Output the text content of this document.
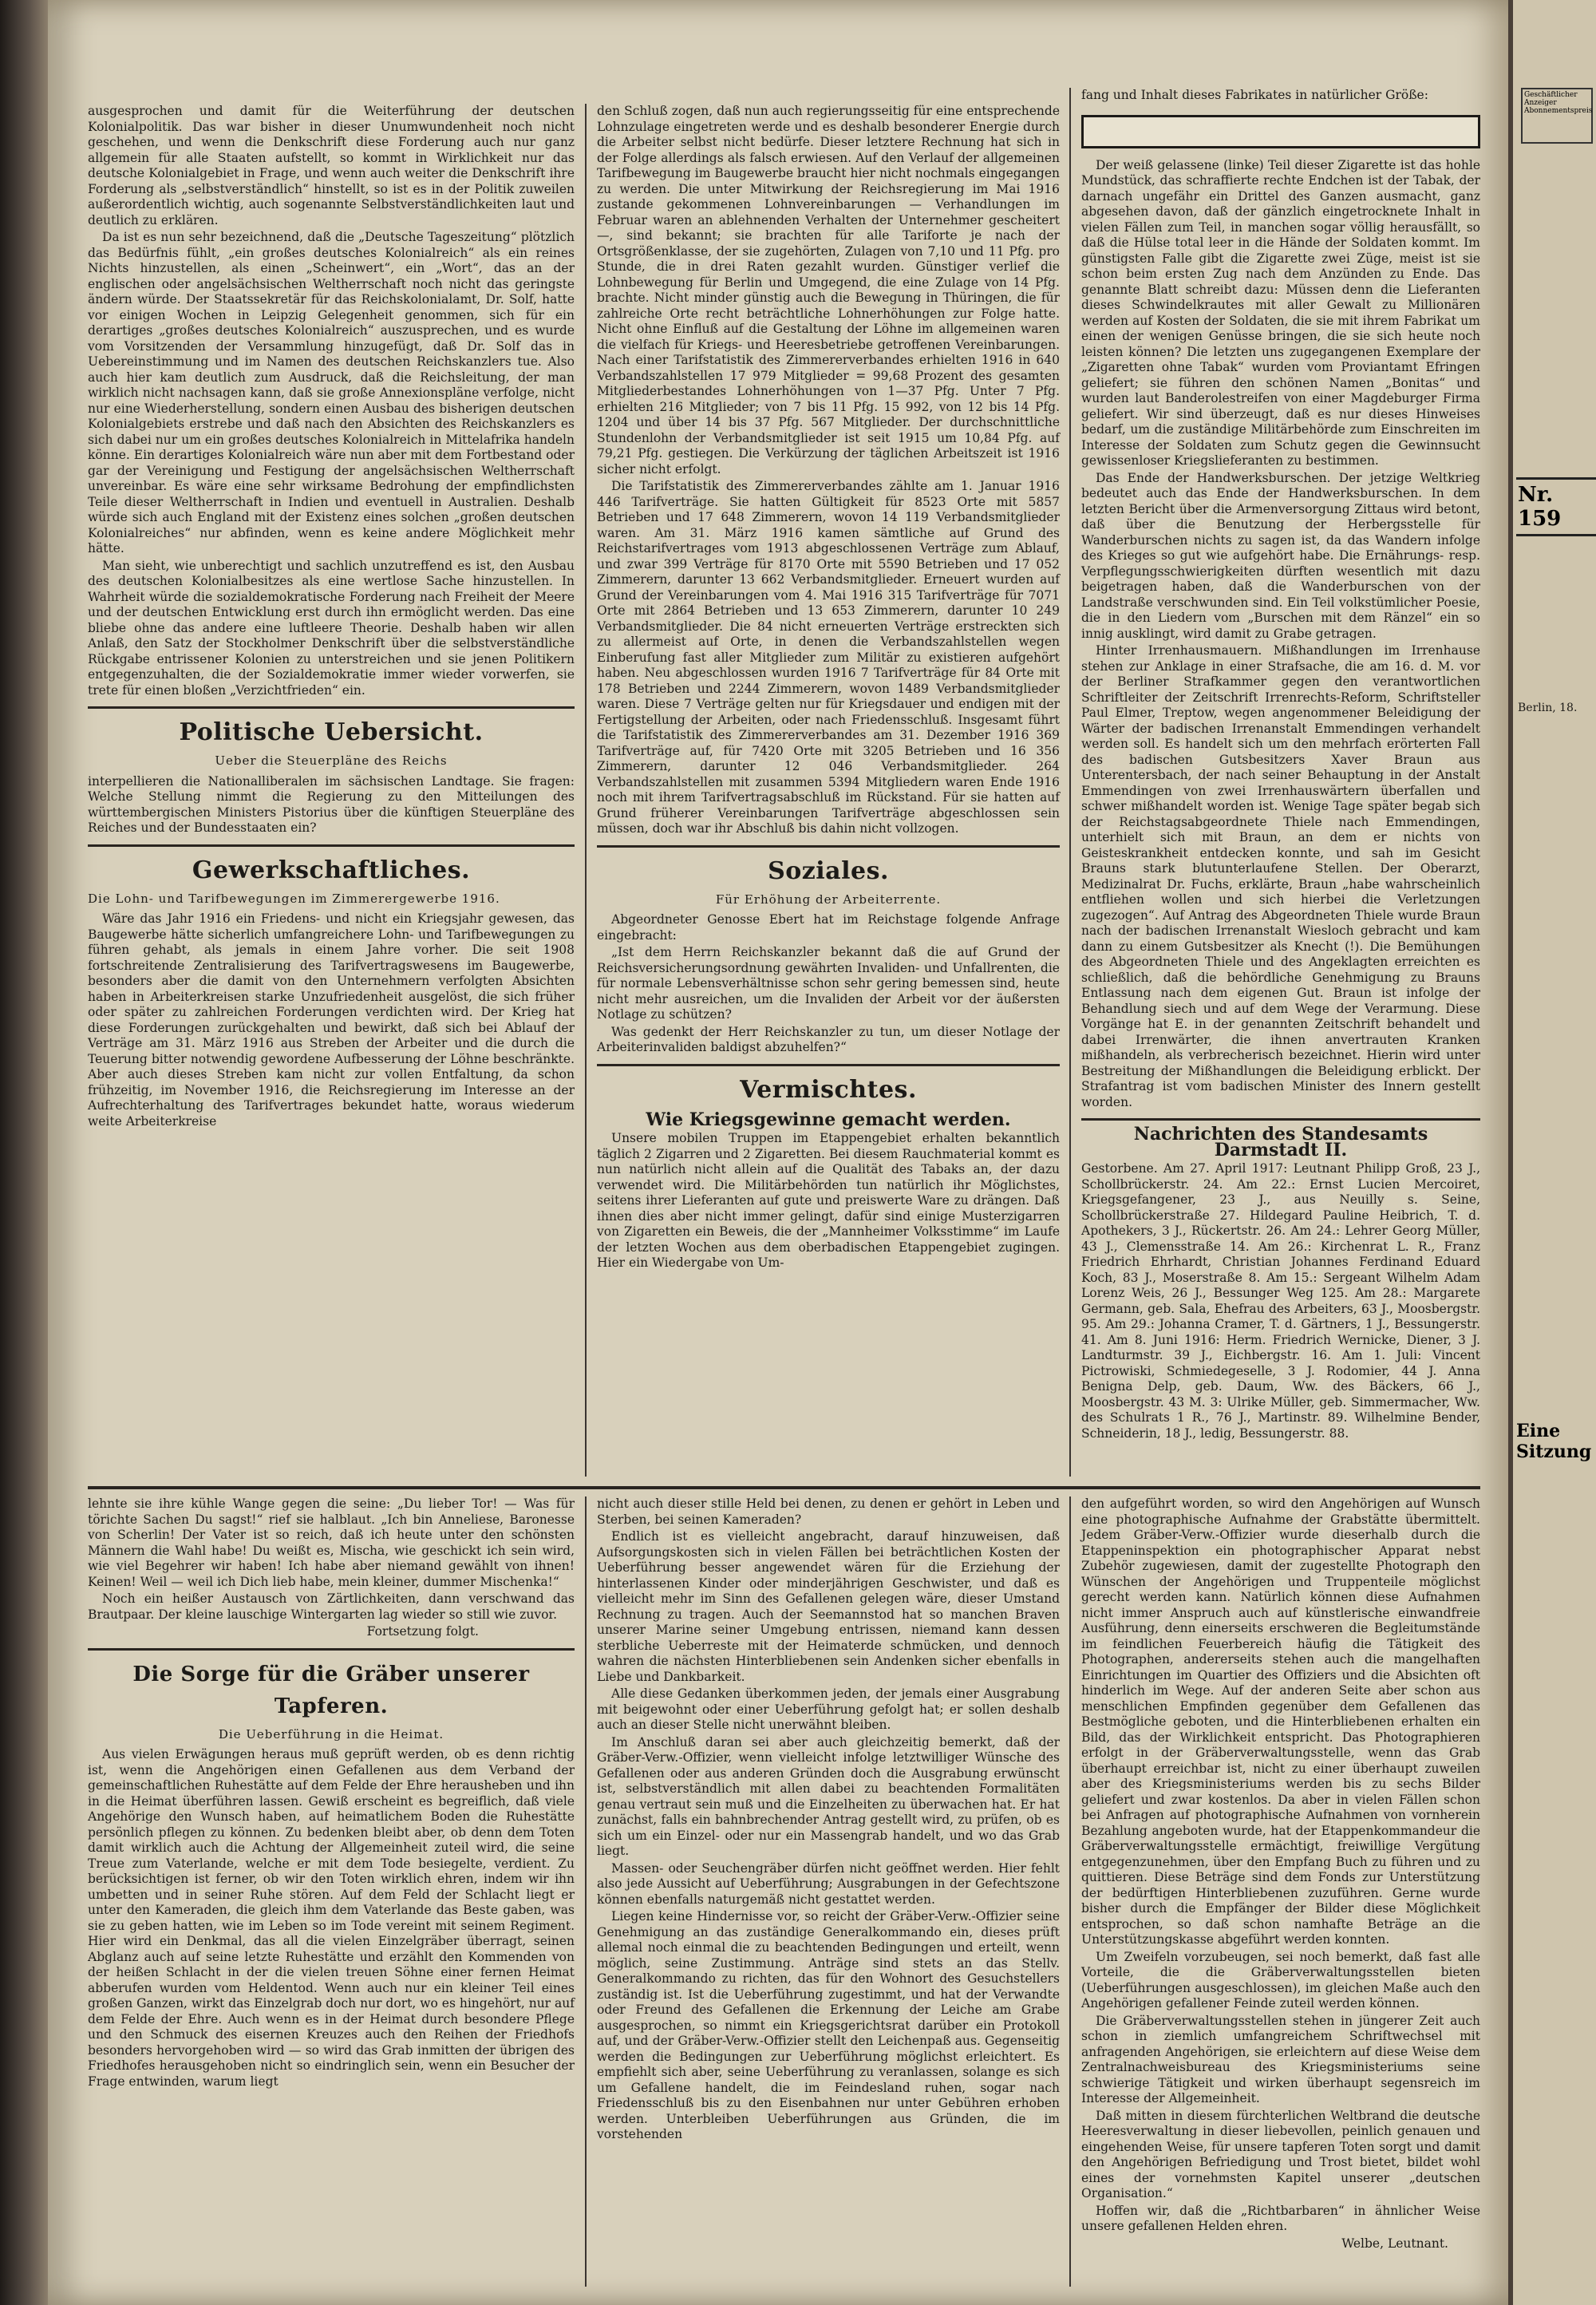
ausgesprochen und damit für die Weiterführung der deutschen Kolonialpolitik. Das war bisher in dieser Unumwundenheit noch nicht geschehen, und wenn die Denkschrift diese Forderung auch nur ganz allgemein für alle Staaten aufstellt, so kommt in Wirklichkeit nur das deutsche Kolonialgebiet in Frage, und wenn auch weiter die Denkschrift ihre Forderung als „selbstverständlich“ hinstellt, so ist es in der Politik zuweilen außerordentlich wichtig, auch sogenannte Selbstverständlichkeiten laut und deutlich zu erklären.

Da ist es nun sehr bezeichnend, daß die „Deutsche Tageszeitung“ plötzlich das Bedürfnis fühlt, „ein großes deutsches Kolonialreich“ als ein reines Nichts hinzustellen, als einen „Scheinwert“, ein „Wort“, das an der englischen oder angelsächsischen Weltherrschaft noch nicht das geringste ändern würde. Der Staatssekretär für das Reichskolonialamt, Dr. Solf, hatte vor einigen Wochen in Leipzig Gelegenheit genommen, sich für ein derartiges „großes deutsches Kolonialreich“ auszusprechen, und es wurde vom Vorsitzenden der Versammlung hinzugefügt, daß Dr. Solf das in Uebereinstimmung und im Namen des deutschen Reichskanzlers tue. Also auch hier kam deutlich zum Ausdruck, daß die Reichsleitung, der man wirklich nicht nachsagen kann, daß sie große Annexionspläne verfolge, nicht nur eine Wiederherstellung, sondern einen Ausbau des bisherigen deutschen Kolonialgebiets erstrebe und daß nach den Absichten des Reichskanzlers es sich dabei nur um ein großes deutsches Kolonialreich in Mittelafrika handeln könne. Ein derartiges Kolonialreich wäre nun aber mit dem Fortbestand oder gar der Vereinigung und Festigung der angelsächsischen Weltherrschaft unvereinbar. Es wäre eine sehr wirksame Bedrohung der empfindlichsten Teile dieser Weltherrschaft in Indien und eventuell in Australien. Deshalb würde sich auch England mit der Existenz eines solchen „großen deutschen Kolonialreiches“ nur abfinden, wenn es keine andere Möglichkeit mehr hätte.

Man sieht, wie unberechtigt und sachlich unzutreffend es ist, den Ausbau des deutschen Kolonialbesitzes als eine wertlose Sache hinzustellen. In Wahrheit würde die sozialdemokratische Forderung nach Freiheit der Meere und der deutschen Entwicklung erst durch ihn ermöglicht werden. Das eine bliebe ohne das andere eine luftleere Theorie. Deshalb haben wir allen Anlaß, den Satz der Stockholmer Denkschrift über die selbstverständliche Rückgabe entrissener Kolonien zu unterstreichen und sie jenen Politikern entgegenzuhalten, die der Sozialdemokratie immer wieder vorwerfen, sie trete für einen bloßen „Verzichtfrieden“ ein.

Politische Uebersicht.
Ueber die Steuerpläne des Reichs

interpellieren die Nationalliberalen im sächsischen Landtage. Sie fragen: Welche Stellung nimmt die Regierung zu den Mitteilungen des württembergischen Ministers Pistorius über die künftigen Steuerpläne des Reiches und der Bundesstaaten ein?

Gewerkschaftliches.
Die Lohn- und Tarifbewegungen im Zimmerergewerbe 1916.

Wäre das Jahr 1916 ein Friedens- und nicht ein Kriegsjahr gewesen, das Baugewerbe hätte sicherlich umfangreichere Lohn- und Tarifbewegungen zu führen gehabt, als jemals in einem Jahre vorher. Die seit 1908 fortschreitende Zentralisierung des Tarifvertragswesens im Baugewerbe, besonders aber die damit von den Unternehmern verfolgten Absichten haben in Arbeiterkreisen starke Unzufriedenheit ausgelöst, die sich früher oder später zu zahlreichen Forderungen verdichten wird. Der Krieg hat diese Forderungen zurückgehalten und bewirkt, daß sich bei Ablauf der Verträge am 31. März 1916 aus Streben der Arbeiter und die durch die Teuerung bitter notwendig gewordene Aufbesserung der Löhne beschränkte. Aber auch dieses Streben kam nicht zur vollen Entfaltung, da schon frühzeitig, im November 1916, die Reichsregierung im Interesse an der Aufrechterhaltung des Tarifvertrages bekundet hatte, woraus wiederum weite Arbeiterkreise

den Schluß zogen, daß nun auch regierungsseitig für eine entsprechende Lohnzulage eingetreten werde und es deshalb besonderer Energie durch die Arbeiter selbst nicht bedürfe. Dieser letztere Rechnung hat sich in der Folge allerdings als falsch erwiesen. Auf den Verlauf der allgemeinen Tarifbewegung im Baugewerbe braucht hier nicht nochmals eingegangen zu werden. Die unter Mitwirkung der Reichsregierung im Mai 1916 zustande gekommenen Lohnvereinbarungen — Verhandlungen im Februar waren an ablehnenden Verhalten der Unternehmer gescheitert —, sind bekannt; sie brachten für alle Tariforte je nach der Ortsgrößenklasse, der sie zugehörten, Zulagen von 7,10 und 11 Pfg. pro Stunde, die in drei Raten gezahlt wurden. Günstiger verlief die Lohnbewegung für Berlin und Umgegend, die eine Zulage von 14 Pfg. brachte. Nicht minder günstig auch die Bewegung in Thüringen, die für zahlreiche Orte recht beträchtliche Lohnerhöhungen zur Folge hatte. Nicht ohne Einfluß auf die Gestaltung der Löhne im allgemeinen waren die vielfach für Kriegs- und Heeresbetriebe getroffenen Vereinbarungen. Nach einer Tarifstatistik des Zimmererverbandes erhielten 1916 in 640 Verbandszahlstellen 17 979 Mitglieder = 99,68 Prozent des gesamten Mitgliederbestandes Lohnerhöhungen von 1—37 Pfg. Unter 7 Pfg. erhielten 216 Mitglieder; von 7 bis 11 Pfg. 15 992, von 12 bis 14 Pfg. 1204 und über 14 bis 37 Pfg. 567 Mitglieder. Der durchschnittliche Stundenlohn der Verbandsmitglieder ist seit 1915 um 10,84 Pfg. auf 79,21 Pfg. gestiegen. Die Verkürzung der täglichen Arbeitszeit ist 1916 sicher nicht erfolgt.

Die Tarifstatistik des Zimmererverbandes zählte am 1. Januar 1916 446 Tarifverträge. Sie hatten Gültigkeit für 8523 Orte mit 5857 Betrieben und 17 648 Zimmerern, wovon 14 119 Verbandsmitglieder waren. Am 31. März 1916 kamen sämtliche auf Grund des Reichstarifvertrages vom 1913 abgeschlossenen Verträge zum Ablauf, und zwar 399 Verträge für 8170 Orte mit 5590 Betrieben und 17 052 Zimmerern, darunter 13 662 Verbandsmitglieder. Erneuert wurden auf Grund der Vereinbarungen vom 4. Mai 1916 315 Tarifverträge für 7071 Orte mit 2864 Betrieben und 13 653 Zimmerern, darunter 10 249 Verbandsmitglieder. Die 84 nicht erneuerten Verträge erstreckten sich zu allermeist auf Orte, in denen die Verbandszahlstellen wegen Einberufung fast aller Mitglieder zum Militär zu existieren aufgehört haben. Neu abgeschlossen wurden 1916 7 Tarifverträge für 84 Orte mit 178 Betrieben und 2244 Zimmerern, wovon 1489 Verbandsmitglieder waren. Diese 7 Verträge gelten nur für Kriegsdauer und endigen mit der Fertigstellung der Arbeiten, oder nach Friedensschluß. Insgesamt führt die Tarifstatistik des Zimmererverbandes am 31. Dezember 1916 369 Tarifverträge auf, für 7420 Orte mit 3205 Betrieben und 16 356 Zimmerern, darunter 12 046 Verbandsmitglieder. 264 Verbandszahlstellen mit zusammen 5394 Mitgliedern waren Ende 1916 noch mit ihrem Tarifvertragsabschluß im Rückstand. Für sie hatten auf Grund früherer Vereinbarungen Tarifverträge abgeschlossen sein müssen, doch war ihr Abschluß bis dahin nicht vollzogen.

Soziales.
Für Erhöhung der Arbeiterrente.

Abgeordneter Genosse Ebert hat im Reichstage folgende Anfrage eingebracht:

„Ist dem Herrn Reichskanzler bekannt daß die auf Grund der Reichsversicherungsordnung gewährten Invaliden- und Unfallrenten, die für normale Lebensverhältnisse schon sehr gering bemessen sind, heute nicht mehr ausreichen, um die Invaliden der Arbeit vor der äußersten Notlage zu schützen?

Was gedenkt der Herr Reichskanzler zu tun, um dieser Notlage der Arbeiterinvaliden baldigst abzuhelfen?“

Vermischtes.
Wie Kriegsgewinne gemacht werden.

Unsere mobilen Truppen im Etappengebiet erhalten bekanntlich täglich 2 Zigarren und 2 Zigaretten. Bei diesem Rauchmaterial kommt es nun natürlich nicht allein auf die Qualität des Tabaks an, der dazu verwendet wird. Die Militärbehörden tun natürlich ihr Möglichstes, seitens ihrer Lieferanten auf gute und preiswerte Ware zu drängen. Daß ihnen dies aber nicht immer gelingt, dafür sind einige Musterzigarren von Zigaretten ein Beweis, die der „Mannheimer Volksstimme“ im Laufe der letzten Wochen aus dem oberbadischen Etappengebiet zugingen. Hier ein Wiedergabe von Um-

fang und Inhalt dieses Fabrikates in natürlicher Größe:

Der weiß gelassene (linke) Teil dieser Zigarette ist das hohle Mundstück, das schraffierte rechte Endchen ist der Tabak, der darnach ungefähr ein Drittel des Ganzen ausmacht, ganz abgesehen davon, daß der gänzlich eingetrocknete Inhalt in vielen Fällen zum Teil, in manchen sogar völlig herausfällt, so daß die Hülse total leer in die Hände der Soldaten kommt. Im günstigsten Falle gibt die Zigarette zwei Züge, meist ist sie schon beim ersten Zug nach dem Anzünden zu Ende. Das genannte Blatt schreibt dazu: Müssen denn die Lieferanten dieses Schwindelkrautes mit aller Gewalt zu Millionären werden auf Kosten der Soldaten, die sie mit ihrem Fabrikat um einen der wenigen Genüsse bringen, die sie sich heute noch leisten können? Die letzten uns zugegangenen Exemplare der „Zigaretten ohne Tabak“ wurden vom Proviantamt Efringen geliefert; sie führen den schönen Namen „Bonitas“ und wurden laut Banderolestreifen von einer Magdeburger Firma geliefert. Wir sind überzeugt, daß es nur dieses Hinweises bedarf, um die zuständige Militärbehörde zum Einschreiten im Interesse der Soldaten zum Schutz gegen die Gewinnsucht gewissenloser Kriegslieferanten zu bestimmen.

Das Ende der Handwerksburschen. Der jetzige Weltkrieg bedeutet auch das Ende der Handwerksburschen. In dem letzten Bericht über die Armenversorgung Zittaus wird betont, daß über die Benutzung der Herbergsstelle für Wanderburschen nichts zu sagen ist, da das Wandern infolge des Krieges so gut wie aufgehört habe. Die Ernährungs- resp. Verpflegungsschwierigkeiten dürften wesentlich mit dazu beigetragen haben, daß die Wanderburschen von der Landstraße verschwunden sind. Ein Teil volkstümlicher Poesie, die in den Liedern vom „Burschen mit dem Ränzel“ ein so innig ausklingt, wird damit zu Grabe getragen.

Hinter Irrenhausmauern. Mißhandlungen im Irrenhause stehen zur Anklage in einer Strafsache, die am 16. d. M. vor der Berliner Strafkammer gegen den verantwortlichen Schriftleiter der Zeitschrift Irrenrechts-Reform, Schriftsteller Paul Elmer, Treptow, wegen angenommener Beleidigung der Wärter der badischen Irrenanstalt Emmendingen verhandelt werden soll. Es handelt sich um den mehrfach erörterten Fall des badischen Gutsbesitzers Xaver Braun aus Unterentersbach, der nach seiner Behauptung in der Anstalt Emmendingen von zwei Irrenhauswärtern überfallen und schwer mißhandelt worden ist. Wenige Tage später begab sich der Reichstagsabgeordnete Thiele nach Emmendingen, unterhielt sich mit Braun, an dem er nichts von Geisteskrankheit entdecken konnte, und sah im Gesicht Brauns stark blutunterlaufene Stellen. Der Oberarzt, Medizinalrat Dr. Fuchs, erklärte, Braun „habe wahrscheinlich entfliehen wollen und sich hierbei die Verletzungen zugezogen“. Auf Antrag des Abgeordneten Thiele wurde Braun nach der badischen Irrenanstalt Wiesloch gebracht und kam dann zu einem Gutsbesitzer als Knecht (!). Die Bemühungen des Abgeordneten Thiele und des Angeklagten erreichten es schließlich, daß die behördliche Genehmigung zu Brauns Entlassung nach dem eigenen Gut. Braun ist infolge der Behandlung siech und auf dem Wege der Verarmung. Diese Vorgänge hat E. in der genannten Zeitschrift behandelt und dabei Irrenwärter, die ihnen anvertrauten Kranken mißhandeln, als verbrecherisch bezeichnet. Hierin wird unter Bestreitung der Mißhandlungen die Beleidigung erblickt. Der Strafantrag ist vom badischen Minister des Innern gestellt worden.

Nachrichten des Standesamts Darmstadt II.

Gestorbene. Am 27. April 1917: Leutnant Philipp Groß, 23 J., Schollbrückerstr. 24. Am 22.: Ernst Lucien Mercoiret, Kriegsgefangener, 23 J., aus Neuilly s. Seine, Schollbrückerstraße 27. Hildegard Pauline Heibrich, T. d. Apothekers, 3 J., Rückertstr. 26. Am 24.: Lehrer Georg Müller, 43 J., Clemensstraße 14. Am 26.: Kirchenrat L. R., Franz Friedrich Ehrhardt, Christian Johannes Ferdinand Eduard Koch, 83 J., Moserstraße 8. Am 15.: Sergeant Wilhelm Adam Lorenz Weis, 26 J., Bessunger Weg 125. Am 28.: Margarete Germann, geb. Sala, Ehefrau des Arbeiters, 63 J., Moosbergstr. 95. Am 29.: Johanna Cramer, T. d. Gärtners, 1 J., Bessungerstr. 41. Am 8. Juni 1916: Herm. Friedrich Wernicke, Diener, 3 J. Landturmstr. 39 J., Eichbergstr. 16. Am 1. Juli: Vincent Pictrowiski, Schmiedegeselle, 3 J. Rodomier, 44 J. Anna Benigna Delp, geb. Daum, Ww. des Bäckers, 66 J., Moosbergstr. 43 M. 3: Ulrike Müller, geb. Simmermacher, Ww. des Schulrats 1 R., 76 J., Martinstr. 89. Wilhelmine Bender, Schneiderin, 18 J., ledig, Bessungerstr. 88.

lehnte sie ihre kühle Wange gegen die seine: „Du lieber Tor! — Was für törichte Sachen Du sagst!“ rief sie halblaut. „Ich bin Anneliese, Baronesse von Scherlin! Der Vater ist so reich, daß ich heute unter den schönsten Männern die Wahl habe! Du weißt es, Mischa, wie geschickt ich sein wird, wie viel Begehrer wir haben! Ich habe aber niemand gewählt von ihnen! Keinen! Weil — weil ich Dich lieb habe, mein kleiner, dummer Mischenka!“

Noch ein heißer Austausch von Zärtlichkeiten, dann verschwand das Brautpaar. Der kleine lauschige Wintergarten lag wieder so still wie zuvor.

Fortsetzung folgt.
Die Sorge für die Gräber unserer Tapferen.
Die Ueberführung in die Heimat.

Aus vielen Erwägungen heraus muß geprüft werden, ob es denn richtig ist, wenn die Angehörigen einen Gefallenen aus dem Verband der gemeinschaftlichen Ruhestätte auf dem Felde der Ehre herausheben und ihn in die Heimat überführen lassen. Gewiß erscheint es begreiflich, daß viele Angehörige den Wunsch haben, auf heimatlichem Boden die Ruhestätte persönlich pflegen zu können. Zu bedenken bleibt aber, ob denn dem Toten damit wirklich auch die Achtung der Allgemeinheit zuteil wird, die seine Treue zum Vaterlande, welche er mit dem Tode besiegelte, verdient. Zu berücksichtigen ist ferner, ob wir den Toten wirklich ehren, indem wir ihn umbetten und in seiner Ruhe stören. Auf dem Feld der Schlacht liegt er unter den Kameraden, die gleich ihm dem Vaterlande das Beste gaben, was sie zu geben hatten, wie im Leben so im Tode vereint mit seinem Regiment. Hier wird ein Denkmal, das all die vielen Einzelgräber überragt, seinen Abglanz auch auf seine letzte Ruhestätte und erzählt den Kommenden von der heißen Schlacht in der die vielen treuen Söhne einer fernen Heimat abberufen wurden vom Heldentod. Wenn auch nur ein kleiner Teil eines großen Ganzen, wirkt das Einzelgrab doch nur dort, wo es hingehört, nur auf dem Felde der Ehre. Auch wenn es in der Heimat durch besondere Pflege und den Schmuck des eisernen Kreuzes auch den Reihen der Friedhofs besonders hervorgehoben wird — so wird das Grab inmitten der übrigen des Friedhofes herausgehoben nicht so eindringlich sein, wenn ein Besucher der Frage entwinden, warum liegt

nicht auch dieser stille Held bei denen, zu denen er gehört in Leben und Sterben, bei seinen Kameraden?

Endlich ist es vielleicht angebracht, darauf hinzuweisen, daß Aufsorgungskosten sich in vielen Fällen bei beträchtlichen Kosten der Ueberführung besser angewendet wären für die Erziehung der hinterlassenen Kinder oder minderjährigen Geschwister, und daß es vielleicht mehr im Sinn des Gefallenen gelegen wäre, dieser Umstand Rechnung zu tragen. Auch der Seemannstod hat so manchen Braven unserer Marine seiner Umgebung entrissen, niemand kann dessen sterbliche Ueberreste mit der Heimaterde schmücken, und dennoch wahren die nächsten Hinterbliebenen sein Andenken sicher ebenfalls in Liebe und Dankbarkeit.

Alle diese Gedanken überkommen jeden, der jemals einer Ausgrabung mit beigewohnt oder einer Ueberführung gefolgt hat; er sollen deshalb auch an dieser Stelle nicht unerwähnt bleiben.

Im Anschluß daran sei aber auch gleichzeitig bemerkt, daß der Gräber-Verw.-Offizier, wenn vielleicht infolge letztwilliger Wünsche des Gefallenen oder aus anderen Gründen doch die Ausgrabung erwünscht ist, selbstverständlich mit allen dabei zu beachtenden Formalitäten genau vertraut sein muß und die Einzelheiten zu überwachen hat. Er hat zunächst, falls ein bahnbrechender Antrag gestellt wird, zu prüfen, ob es sich um ein Einzel- oder nur ein Massengrab handelt, und wo das Grab liegt.

Massen- oder Seuchengräber dürfen nicht geöffnet werden. Hier fehlt also jede Aussicht auf Ueberführung; Ausgrabungen in der Gefechtszone können ebenfalls naturgemäß nicht gestattet werden.

Liegen keine Hindernisse vor, so reicht der Gräber-Verw.-Offizier seine Genehmigung an das zuständige Generalkommando ein, dieses prüft allemal noch einmal die zu beachtenden Bedingungen und erteilt, wenn möglich, seine Zustimmung. Anträge sind stets an das Stellv. Generalkommando zu richten, das für den Wohnort des Gesuchstellers zuständig ist. Ist die Ueberführung zugestimmt, und hat der Verwandte oder Freund des Gefallenen die Erkennung der Leiche am Grabe ausgesprochen, so nimmt ein Kriegsgerichtsrat darüber ein Protokoll auf, und der Gräber-Verw.-Offizier stellt den Leichenpaß aus. Gegenseitig werden die Bedingungen zur Ueberführung möglichst erleichtert. Es empfiehlt sich aber, seine Ueberführung zu veranlassen, solange es sich um Gefallene handelt, die im Feindesland ruhen, sogar nach Friedensschluß bis zu den Eisenbahnen nur unter Gebühren erhoben werden. Unterbleiben Ueberführungen aus Gründen, die im vorstehenden

den aufgeführt worden, so wird den Angehörigen auf Wunsch eine photographische Aufnahme der Grabstätte übermittelt. Jedem Gräber-Verw.-Offizier wurde dieserhalb durch die Etappeninspektion ein photographischer Apparat nebst Zubehör zugewiesen, damit der zugestellte Photograph den Wünschen der Angehörigen und Truppenteile möglichst gerecht werden kann. Natürlich können diese Aufnahmen nicht immer Anspruch auch auf künstlerische einwandfreie Ausführung, denn einerseits erschweren die Begleitumstände im feindlichen Feuerbereich häufig die Tätigkeit des Photographen, andererseits stehen auch die mangelhaften Einrichtungen im Quartier des Offiziers und die Absichten oft hinderlich im Wege. Auf der anderen Seite aber schon aus menschlichen Empfinden gegenüber dem Gefallenen das Bestmögliche geboten, und die Hinterbliebenen erhalten ein Bild, das der Wirklichkeit entspricht. Das Photographieren erfolgt in der Gräberverwaltungsstelle, wenn das Grab überhaupt erreichbar ist, nicht zu einer überhaupt zuweilen aber des Kriegsministeriums werden bis zu sechs Bilder geliefert und zwar kostenlos. Da aber in vielen Fällen schon bei Anfragen auf photographische Aufnahmen von vornherein Bezahlung angeboten wurde, hat der Etappenkommandeur die Gräberverwaltungsstelle ermächtigt, freiwillige Vergütung entgegenzunehmen, über den Empfang Buch zu führen und zu quittieren. Diese Beträge sind dem Fonds zur Unterstützung der bedürftigen Hinterbliebenen zuzuführen. Gerne wurde bisher durch die Empfänger der Bilder diese Möglichkeit entsprochen, so daß schon namhafte Beträge an die Unterstützungskasse abgeführt werden konnten.

Um Zweifeln vorzubeugen, sei noch bemerkt, daß fast alle Vorteile, die die Gräberverwaltungsstellen bieten (Ueberführungen ausgeschlossen), im gleichen Maße auch den Angehörigen gefallener Feinde zuteil werden können.

Die Gräberverwaltungsstellen stehen in jüngerer Zeit auch schon in ziemlich umfangreichem Schriftwechsel mit anfragenden Angehörigen, sie erleichtern auf diese Weise dem Zentralnachweisbureau des Kriegsministeriums seine schwierige Tätigkeit und wirken überhaupt segensreich im Interesse der Allgemeinheit.

Daß mitten in diesem fürchterlichen Weltbrand die deutsche Heeresverwaltung in dieser liebevollen, peinlich genauen und eingehenden Weise, für unsere tapferen Toten sorgt und damit den Angehörigen Befriedigung und Trost bietet, bildet wohl eines der vornehmsten Kapitel unserer „deutschen Organisation.“

Hoffen wir, daß die „Richtbarbaren“ in ähnlicher Weise unsere gefallenen Helden ehren.

Welbe, Leutnant.
Geschäftlicher Anzeiger Abonnementspreis
Nr. 159
Berlin, 18.
Eine Sitzung
